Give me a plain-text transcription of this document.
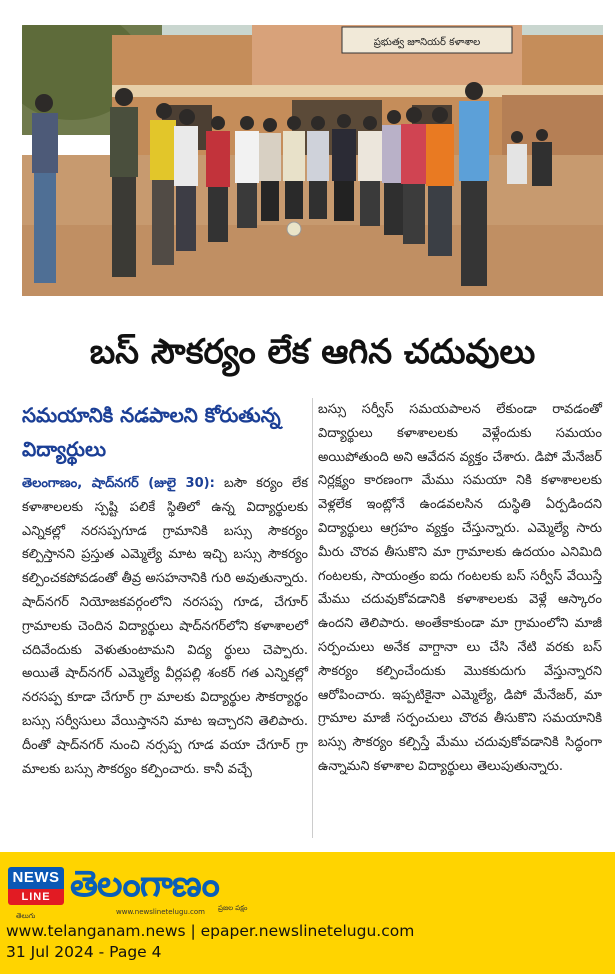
ప్రభుత్వ జూనియర్ కళాశాల
బస్ సౌకర్యం లేక ఆగిన చదువులు
సమయానికి నడపాలని కోరుతున్న విద్యార్థులు

తెలంగాణం, షాద్‌నగర్ (జులై 30): బసౌ కర్యం లేక కళాశాలలకు స్పష్టి పలికే స్థితిలో ఉన్న విద్యార్థులకు ఎన్నికల్లో నరసప్పగూడ గ్రామానికి బస్సు సౌకర్యం కల్పిస్తానని ప్రస్తుత ఎమ్మెల్యే మాట ఇచ్చి బస్సు సౌకర్యం కల్పించకపోవడంతో తీవ్ర అసహనానికి గురి అవుతున్నారు. షాద్‌నగర్ నియోజకవర్గంలోని నరసప్ప గూడ, చేగూర్ గ్రామాలకు చెందిన విద్యార్థులు షాద్‌నగర్‌లోని కళాశాలలో చదివేందుకు వెళుతుంటామని విద్య ర్థులు చెప్పారు. అయితే షాద్‌నగర్ ఎమ్మెల్యే వీర్లపల్లి శంకర్ గత ఎన్నికల్లో నరసప్ప కూడా చేగూర్ గ్రా మాలకు విద్యార్థుల సౌకర్యార్థం బస్సు సర్వీసులు వేయిస్తానని మాట ఇచ్చారని తెలిపారు. దీంతో షాద్‌నగర్ నుంచి నర్సప్ప గూడ వయా చేగూర్ గ్రా మాలకు బస్సు సౌకర్యం కల్పించారు. కానీ వచ్చే

బస్సు సర్వీస్ సమయపాలన లేకుండా రావడంతో విద్యార్థులు కళాశాలలకు వెళ్లేందుకు సమయం అయిపోతుంది అని ఆవేదన వ్యక్తం చేశారు. డిపో మేనేజర్ నిర్లక్ష్యం కారణంగా మేము సమయా నికి కళాశాలలకు వెళ్లలేక ఇంట్లోనే ఉండవలసిన దుస్థితి ఏర్పడిందని విద్యార్థులు ఆగ్రహం వ్యక్తం చేస్తున్నారు. ఎమ్మెల్యే సారు మీరు చొరవ తీసుకొని మా గ్రామాలకు ఉదయం ఎనిమిది గంటలకు, సాయంత్రం ఐదు గంటలకు బస్ సర్వీస్ వేయిస్తే మేము చదువుకోవడానికి కళాశాలలకు వెళ్లే ఆస్కారం ఉందని తెలిపారు. అంతేకాకుండా మా గ్రామంలోని మాజీ సర్పంచులు అనేక వాగ్దానా లు చేసి నేటి వరకు బస్ సౌకర్యం కల్పించేందుకు మొకకుదుగు వేస్తున్నారని ఆరోపించారు. ఇప్పటికైనా ఎమ్మెల్యే, డిపో మేనేజర్, మా గ్రామాల మాజీ సర్పంచులు చొరవ తీసుకొని సమయానికి బస్సు సౌకర్యం కల్పిస్తే మేము చదువుకోవడానికి సిద్ధంగా ఉన్నామని కళాశాల విద్యార్థులు తెలుపుతున్నారు.

NEWS
LINE
తెలుగు
తెలంగాణం
www.newslinetelugu.com ప్రజల పక్షం
www.telanganam.news | epaper.newslinetelugu.com
31 Jul 2024 - Page 4
